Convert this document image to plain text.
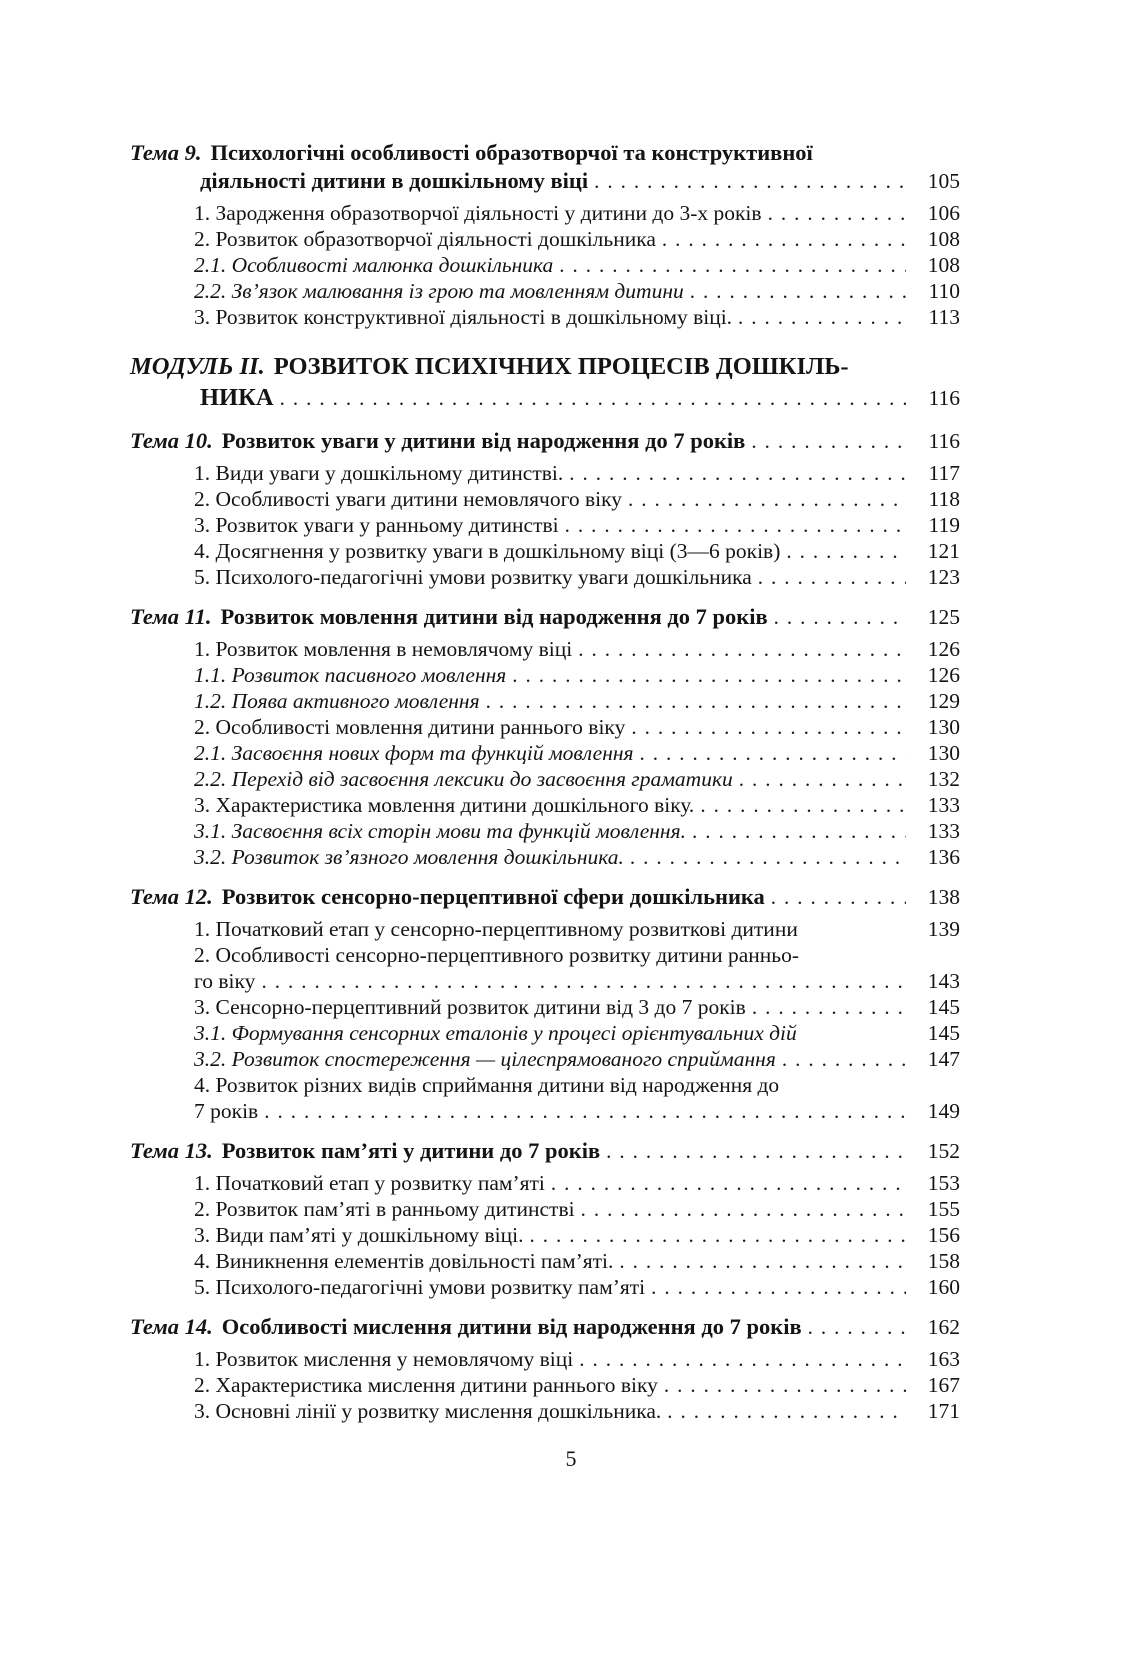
Тема 9. Психологічні особливості образотворчої та конструктивної
діяльності дитини в дошкільному віці .....	105
1. Зародження образотворчої діяльності у дитини до 3-х років .....	106
2. Розвиток образотворчої діяльності дошкільника .....	108
2.1. Особливості малюнка дошкільника .....	108
2.2. Зв’язок малювання із грою та мовленням дитини .....	110
3. Розвиток конструктивної діяльності в дошкільному віці. .....	113
МОДУЛЬ II. РОЗВИТОК ПСИХІЧНИХ ПРОЦЕСІВ ДОШКІЛЬ-
НИКА .....	116
Тема 10. Розвиток уваги у дитини від народження до 7 років .....	116
1. Види уваги у дошкільному дитинстві. .....	117
2. Особливості уваги дитини немовлячого віку .....	118
3. Розвиток уваги у ранньому дитинстві .....	119
4. Досягнення у розвитку уваги в дошкільному віці (3—6 років) .....	121
5. Психолого-педагогічні умови розвитку уваги дошкільника .....	123
Тема 11. Розвиток мовлення дитини від народження до 7 років .....	125
1. Розвиток мовлення в немовлячому віці .....	126
1.1. Розвиток пасивного мовлення .....	126
1.2. Поява активного мовлення .....	129
2. Особливості мовлення дитини раннього віку .....	130
2.1. Засвоєння нових форм та функцій мовлення .....	130
2.2. Перехід від засвоєння лексики до засвоєння граматики .....	132
3. Характеристика мовлення дитини дошкільного віку. .....	133
3.1. Засвоєння всіх сторін мови та функцій мовлення. .....	133
3.2. Розвиток зв’язного мовлення дошкільника. .....	136
Тема 12. Розвиток сенсорно-перцептивної сфери дошкільника .....	138
1. Початковий етап у сенсорно-перцептивному розвиткові дитини	139
2. Особливості сенсорно-перцептивного розвитку дитини ранньо-
го віку .....	143
3. Сенсорно-перцептивний розвиток дитини від 3 до 7 років .....	145
3.1. Формування сенсорних еталонів у процесі орієнтувальних дій	145
3.2. Розвиток спостереження — цілеспрямованого сприймання .....	147
4. Розвиток різних видів сприймання дитини від народження до
7 років .....	149
Тема 13. Розвиток пам’яті у дитини до 7 років .....	152
1. Початковий етап у розвитку пам’яті .....	153
2. Розвиток пам’яті в ранньому дитинстві .....	155
3. Види пам’яті у дошкільному віці. .....	156
4. Виникнення елементів довільності пам’яті. .....	158
5. Психолого-педагогічні умови розвитку пам’яті .....	160
Тема 14. Особливості мислення дитини від народження до 7 років .....	162
1. Розвиток мислення у немовлячому віці .....	163
2. Характеристика мислення дитини раннього віку .....	167
3. Основні лінії у розвитку мислення дошкільника. .....	171
5
